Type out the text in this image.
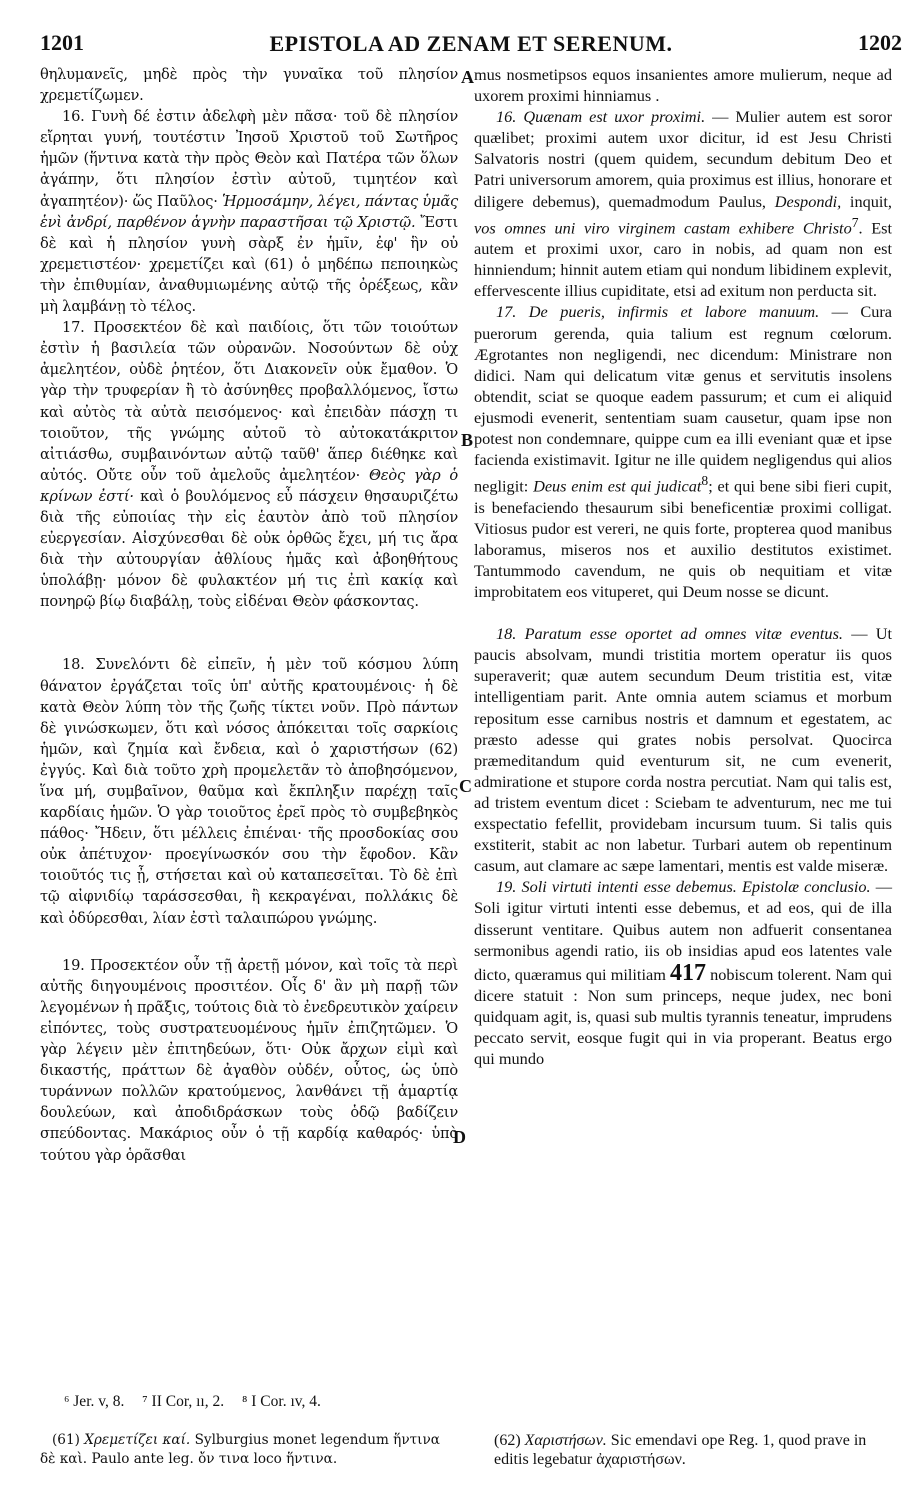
1201	EPISTOLA AD ZENAM ET SERENUM.	1202

θηλυμανεῖς, μηδὲ πρὸς τὴν γυναῖκα τοῦ πλησίον χρεμετίζωμεν.

16. Γυνὴ δέ ἐστιν ἀδελφὴ μὲν πᾶσα· τοῦ δὲ πλησίον εἴρηται γυνή, τουτέστιν Ἰησοῦ Χριστοῦ τοῦ Σωτῆρος ἡμῶν (ἥντινα κατὰ τὴν πρὸς Θεὸν καὶ Πατέρα τῶν ὅλων ἀγάπην, ὅτι πλησίον ἐστὶν αὐτοῦ, τιμητέον καὶ ἀγαπητέον)· ὥς Παῦλος· Ἡρμοσάμην, λέγει, πάντας ὑμᾶς ἑνὶ ἀνδρί, παρθένον ἁγνὴν παραστῆσαι τῷ Χριστῷ. Ἔστι δὲ καὶ ἡ πλησίον γυνὴ σὰρξ ἐν ἡμῖν, ἐφ' ἣν οὐ χρεμετιστέον· χρεμετίζει καὶ (61) ὁ μηδέπω πεποιηκὼς τὴν ἐπιθυμίαν, ἀναθυμιωμένης αὐτῷ τῆς ὀρέξεως, κἂν μὴ λαμβάνῃ τὸ τέλος.

17. Προσεκτέον δὲ καὶ παιδίοις, ὅτι τῶν τοιούτων ἐστὶν ἡ βασιλεία τῶν οὐρανῶν. Νοσούντων δὲ οὐχ ἀμελητέον, οὐδὲ ῥητέον, ὅτι Διακονεῖν οὐκ ἔμαθον. Ὁ γὰρ τὴν τρυφερίαν ἢ τὸ ἀσύνηθες προβαλλόμενος, ἴστω καὶ αὐτὸς τὰ αὐτὰ πεισόμενος· καὶ ἐπειδὰν πάσχῃ τι τοιοῦτον, τῆς γνώμης αὐτοῦ τὸ αὐτοκατάκριτον αἰτιάσθω, συμβαινόντων αὐτῷ ταῦθ' ἅπερ διέθηκε καὶ αὐτός. Οὔτε οὖν τοῦ ἀμελοῦς ἀμελητέον· Θεὸς γὰρ ὁ κρίνων ἐστί· καὶ ὁ βουλόμενος εὖ πάσχειν θησαυριζέτω διὰ τῆς εὐποιίας τὴν εἰς ἑαυτὸν ἀπὸ τοῦ πλησίον εὐεργεσίαν. Αἰσχύνεσθαι δὲ οὐκ ὀρθῶς ἔχει, μή τις ἄρα διὰ τὴν αὐτουργίαν ἀθλίους ἡμᾶς καὶ ἀβοηθήτους ὑπολάβῃ· μόνον δὲ φυλακτέον μή τις ἐπὶ κακίᾳ καὶ πονηρῷ βίῳ διαβάλῃ, τοὺς εἰδέναι Θεὸν φάσκοντας.

18. Συνελόντι δὲ εἰπεῖν, ἡ μὲν τοῦ κόσμου λύπη θάνατον ἐργάζεται τοῖς ὑπ' αὐτῆς κρατουμένοις· ἡ δὲ κατὰ Θεὸν λύπη τὸν τῆς ζωῆς τίκτει νοῦν. Πρὸ πάντων δὲ γινώσκωμεν, ὅτι καὶ νόσος ἀπόκειται τοῖς σαρκίοις ἡμῶν, καὶ ζημία καὶ ἔνδεια, καὶ ὁ χαριστήσων (62) ἐγγύς. Καὶ διὰ τοῦτο χρὴ προμελετᾶν τὸ ἀποβησόμενον, ἵνα μή, συμβαῖνον, θαῦμα καὶ ἔκπληξιν παρέχῃ ταῖς καρδίαις ἡμῶν. Ὁ γὰρ τοιοῦτος ἐρεῖ πρὸς τὸ συμβεβηκὸς πάθος· Ἤδειν, ὅτι μέλλεις ἐπιέναι· τῆς προσδοκίας σου οὐκ ἀπέτυχον· προεγίνωσκόν σου τὴν ἔφοδον. Κἂν τοιοῦτός τις ᾖ, στήσεται καὶ οὐ καταπεσεῖται. Τὸ δὲ ἐπὶ τῷ αἰφνιδίῳ ταράσσεσθαι, ἢ κεκραγέναι, πολλάκις δὲ καὶ ὀδύρεσθαι, λίαν ἐστὶ ταλαιπώρου γνώμης.

19. Προσεκτέον οὖν τῇ ἀρετῇ μόνον, καὶ τοῖς τὰ περὶ αὐτῆς διηγουμένοις προσιτέον. Οἷς δ' ἂν μὴ παρῇ τῶν λεγομένων ἡ πρᾶξις, τούτοις διὰ τὸ ἐνεδρευτικὸν χαίρειν εἰπόντες, τοὺς συστρατευομένους ἡμῖν ἐπιζητῶμεν. Ὁ γὰρ λέγειν μὲν ἐπιτηδεύων, ὅτι· Οὐκ ἄρχων εἰμὶ καὶ δικαστής, πράττων δὲ ἀγαθὸν οὐδέν, οὗτος, ὡς ὑπὸ τυράννων πολλῶν κρατούμενος, λανθάνει τῇ ἁμαρτίᾳ δουλεύων, καὶ ἀποδιδράσκων τοὺς ὁδῷ βαδίζειν σπεύδοντας. Μακάριος οὖν ὁ τῇ καρδίᾳ καθαρός· ὑπὸ τούτου γὰρ ὁρᾶσθαι

A
B
C
D

mus nosmetipsos equos insanientes amore mulierum, neque ad uxorem proximi hinniamus .

16. Quænam est uxor proximi. — Mulier autem est soror quælibet; proximi autem uxor dicitur, id est Jesu Christi Salvatoris nostri (quem quidem, secundum debitum Deo et Patri universorum amorem, quia proximus est illius, honorare et diligere debemus), quemadmodum Paulus, Despondi, inquit, vos omnes uni viro virginem castam exhibere Christo$^7$. Est autem et proximi uxor, caro in nobis, ad quam non est hinniendum; hinnit autem etiam qui nondum libidinem explevit, effervescente illius cupiditate, etsi ad exitum non perducta sit.

17. De pueris, infirmis et labore manuum. — Cura puerorum gerenda, quia talium est regnum cœlorum. Ægrotantes non negligendi, nec dicendum: Ministrare non didici. Nam qui delicatum vitæ genus et servitutis insolens obtendit, sciat se quoque eadem passurum; et cum ei aliquid ejusmodi evenerit, sententiam suam causetur, quam ipse non potest non condemnare, quippe cum ea illi eveniant quæ et ipse facienda existimavit. Igitur ne ille quidem negligendus qui alios negligit: Deus enim est qui judicat$^8$; et qui bene sibi fieri cupit, is benefaciendo thesaurum sibi beneficentiæ proximi colligat. Vitiosus pudor est vereri, ne quis forte, propterea quod manibus laboramus, miseros nos et auxilio destitutos existimet. Tantummodo cavendum, ne quis ob nequitiam et vitæ improbitatem eos vituperet, qui Deum nosse se dicunt.

18. Paratum esse oportet ad omnes vitæ eventus. — Ut paucis absolvam, mundi tristitia mortem operatur iis quos superaverit; quæ autem secundum Deum tristitia est, vitæ intelligentiam parit. Ante omnia autem sciamus et morbum repositum esse carnibus nostris et damnum et egestatem, ac præsto adesse qui grates nobis persolvat. Quocirca præmeditandum quid eventurum sit, ne cum evenerit, admiratione et stupore corda nostra percutiat. Nam qui talis est, ad tristem eventum dicet : Sciebam te adventurum, nec me tui exspectatio fefellit, providebam incursum tuum. Si talis quis exstiterit, stabit ac non labetur. Turbari autem ob repentinum casum, aut clamare ac sæpe lamentari, mentis est valde miseræ.

19. Soli virtuti intenti esse debemus. Epistolæ conclusio. — Soli igitur virtuti intenti esse debemus, et ad eos, qui de illa disserunt ventitare. Quibus autem non adfuerit consentanea sermonibus agendi ratio, iis ob insidias apud eos latentes vale dicto, quæramus qui militiam 417 nobiscum tolerent. Nam qui dicere statuit : Non sum princeps, neque judex, nec boni quidquam agit, is, quasi sub multis tyrannis teneatur, imprudens peccato servit, eosque fugit qui in via properant. Beatus ergo qui mundo

⁶ Jer. v, 8. ⁷ II Cor, ıı, 2. ⁸ I Cor. ıv, 4.
(61) Χρεμετίζει καί. Sylburgius monet legendum ἥντινα δὲ καὶ. Paulo ante leg. ὄν τινα loco ἥντινα.
(62) Χαριστήσων. Sic emendavi ope Reg. 1, quod prave in editis legebatur ἀχαριστήσων.
